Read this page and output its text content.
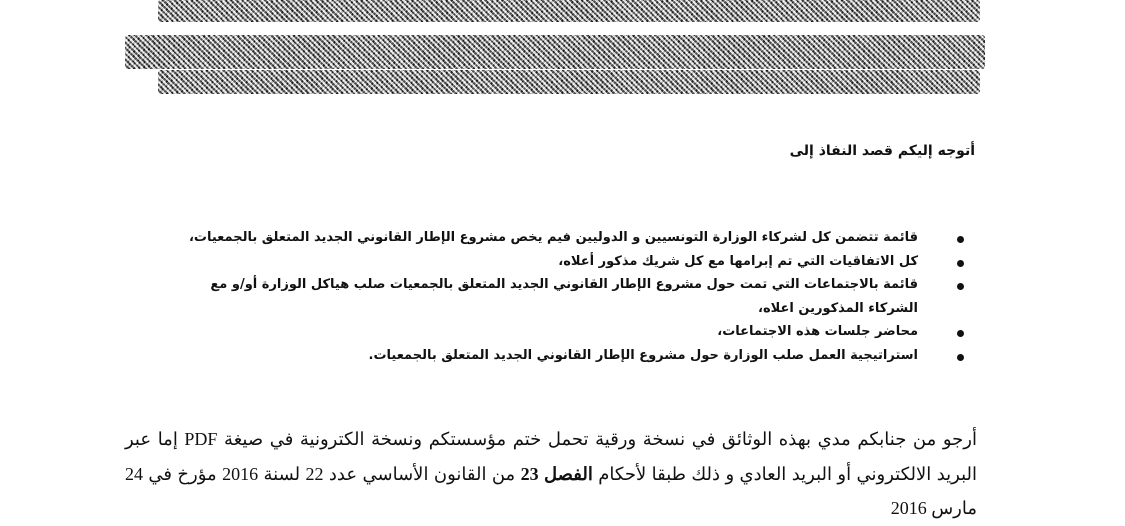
أتوجه إليكم قصد النفاذ إلى
قائمة تتضمن كل لشركاء الوزارة التونسيين و الدوليين فيم يخص مشروع الإطار القانوني الجديد المتعلق بالجمعيات،
كل الاتفاقيات التي تم إبرامها مع كل شريك مذكور أعلاه،
قائمة بالاجتماعات التي تمت حول مشروع الإطار القانوني الجديد المتعلق بالجمعيات صلب هياكل الوزارة أو/و مع الشركاء المذكورين اعلاه،
محاضر جلسات هذه الاجتماعات،
استراتيجية العمل صلب الوزارة حول مشروع الإطار القانوني الجديد المتعلق بالجمعيات.
أرجو من جنابكم مدي بهذه الوثائق في نسخة ورقية تحمل ختم مؤسستكم ونسخة الكترونية في صيغة PDF إما عبر البريد الالكتروني أو البريد العادي و ذلك طبقا لأحكام الفصل 23 من القانون الأساسي عدد 22 لسنة 2016 مؤرخ في 24 مارس 2016
